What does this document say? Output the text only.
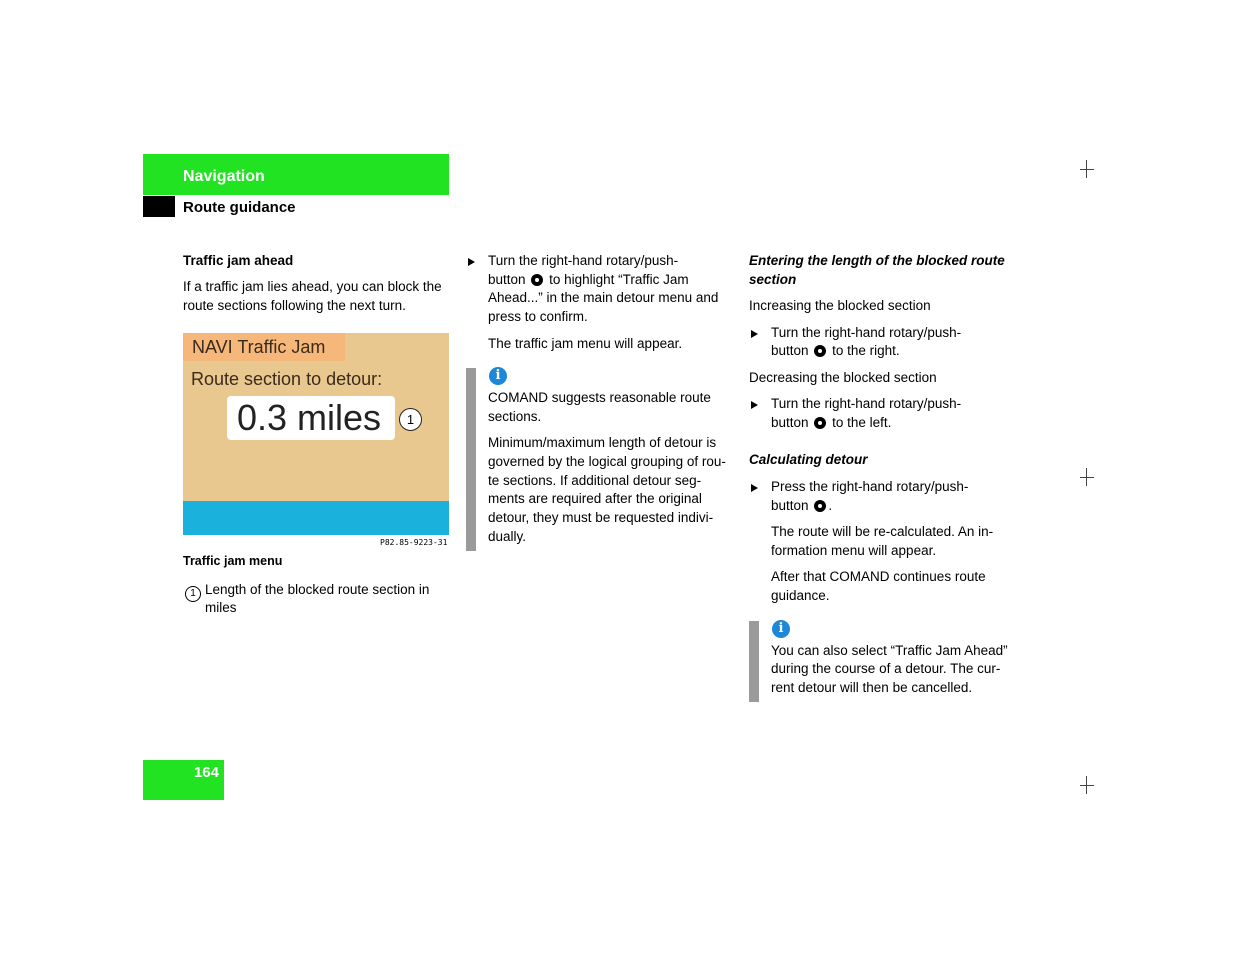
Navigation
Route guidance
Traffic jam ahead
If a traffic jam lies ahead, you can block the
route sections following the next turn.
NAVI Traffic Jam
Route section to detour:
0.3 miles	1
P82.85-9223-31
Traffic jam menu
1 Length of the blocked route section in
miles
Turn the right-hand rotary/push-
button to highlight “Traffic Jam
Ahead...” in the main detour menu and
press to confirm.
The traffic jam menu will appear.
i
COMAND suggests reasonable route
sections.
Minimum/maximum length of detour is
governed by the logical grouping of rou-
te sections. If additional detour seg-
ments are required after the original
detour, they must be requested indivi-
dually.
Entering the length of the blocked route
section
Increasing the blocked section
Turn the right-hand rotary/push-
button to the right.
Decreasing the blocked section
Turn the right-hand rotary/push-
button to the left.
Calculating detour
Press the right-hand rotary/push-
button .
The route will be re-calculated. An in-
formation menu will appear.
After that COMAND continues route
guidance.
i
You can also select “Traffic Jam Ahead”
during the course of a detour. The cur-
rent detour will then be cancelled.
164
